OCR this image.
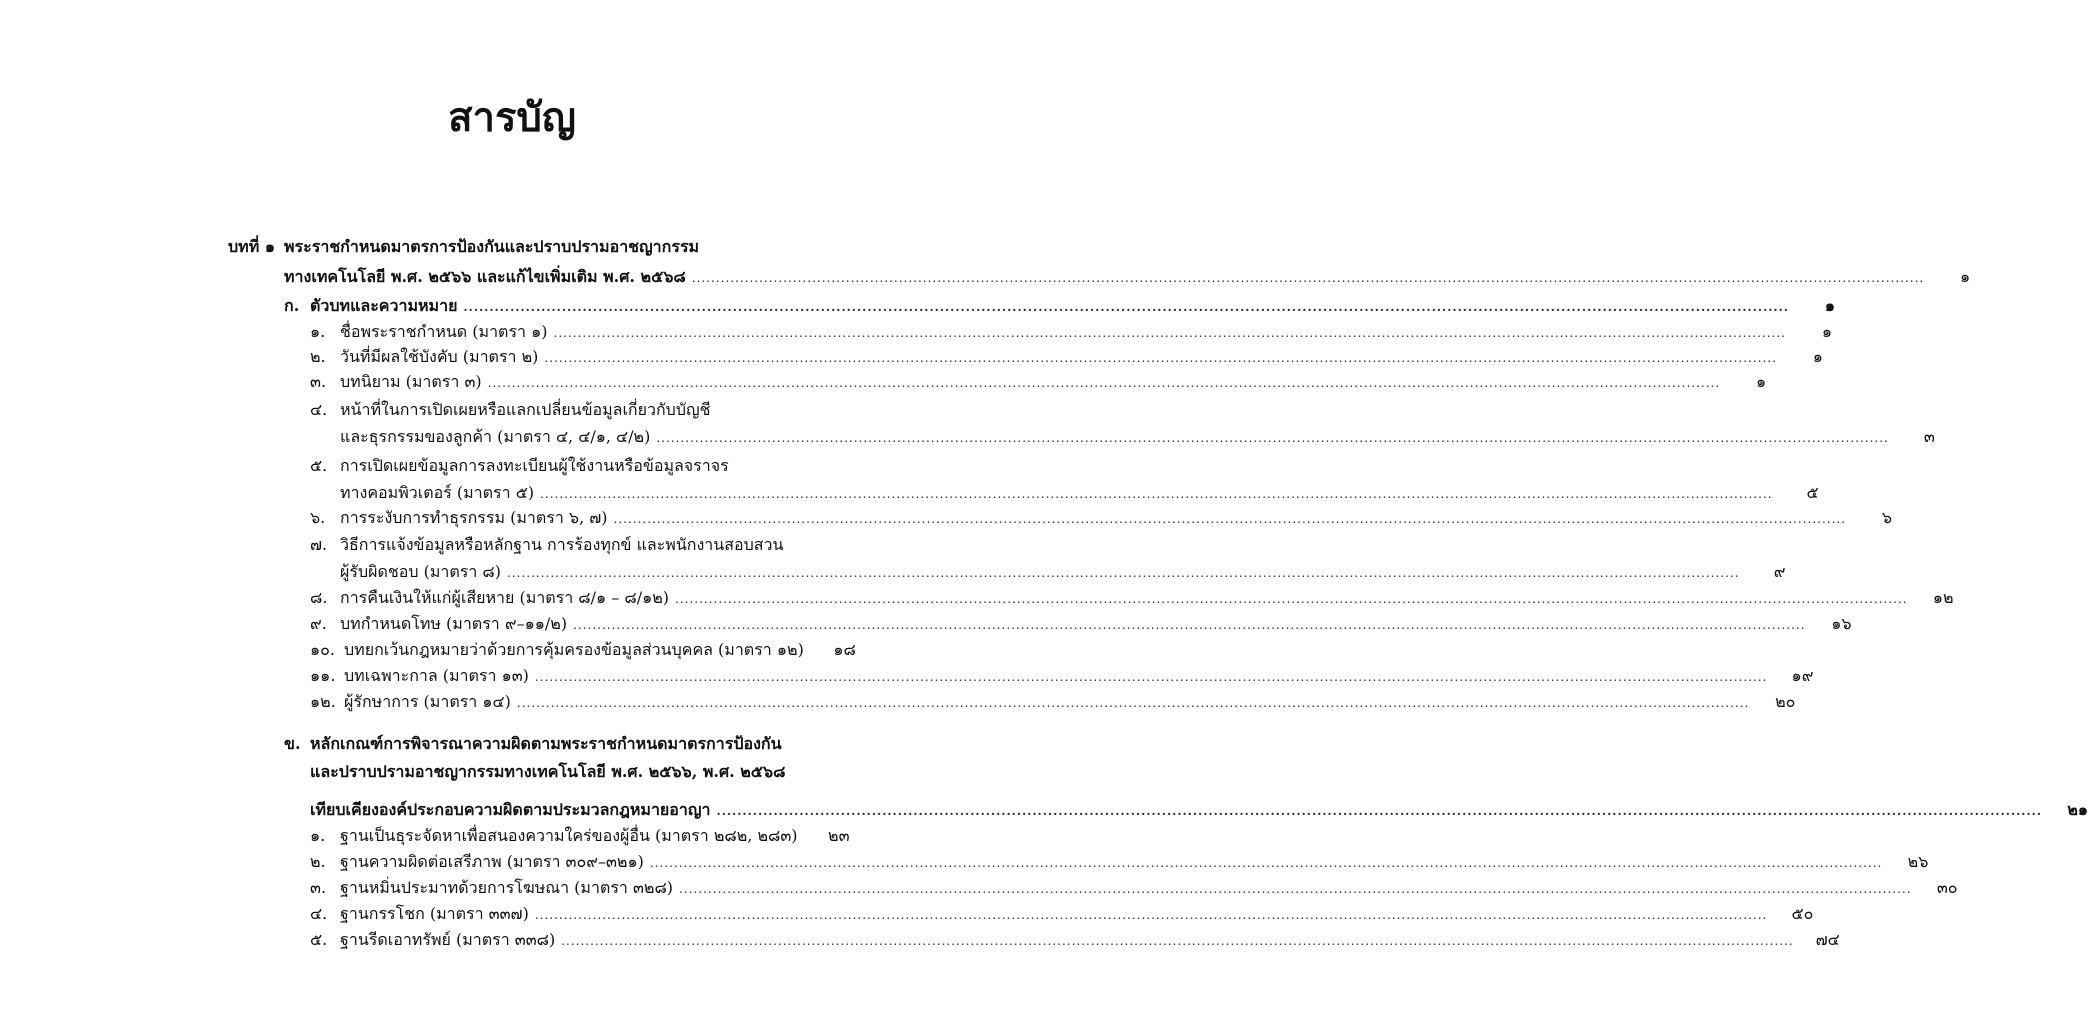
สารบัญ
บทที่ ๑ พระราชกำหนดมาตรการป้องกันและปราบปรามอาชญากรรม
ทางเทคโนโลยี พ.ศ. ๒๕๖๖ และแก้ไขเพิ่มเติม พ.ศ. ๒๕๖๘ .....	๑
ก. ตัวบทและความหมาย .....	๑
๑. ชื่อพระราชกำหนด (มาตรา ๑) .....	๑
๒. วันที่มีผลใช้บังคับ (มาตรา ๒) .....	๑
๓. บทนิยาม (มาตรา ๓) .....	๑
๔. หน้าที่ในการเปิดเผยหรือแลกเปลี่ยนข้อมูลเกี่ยวกับบัญชี
และธุรกรรมของลูกค้า (มาตรา ๔, ๔/๑, ๔/๒) .....	๓
๕. การเปิดเผยข้อมูลการลงทะเบียนผู้ใช้งานหรือข้อมูลจราจร
ทางคอมพิวเตอร์ (มาตรา ๕) .....	๕
๖. การระงับการทำธุรกรรม (มาตรา ๖, ๗) .....	๖
๗. วิธีการแจ้งข้อมูลหรือหลักฐาน การร้องทุกข์ และพนักงานสอบสวน
ผู้รับผิดชอบ (มาตรา ๘) .....	๙
๘. การคืนเงินให้แก่ผู้เสียหาย (มาตรา ๘/๑ – ๘/๑๒) .....	๑๒
๙. บทกำหนดโทษ (มาตรา ๙–๑๑/๒) .....	๑๖
๑๐. บทยกเว้นกฎหมายว่าด้วยการคุ้มครองข้อมูลส่วนบุคคล (มาตรา ๑๒)	๑๘
๑๑. บทเฉพาะกาล (มาตรา ๑๓) .....	๑๙
๑๒. ผู้รักษาการ (มาตรา ๑๔) .....	๒๐
ข. หลักเกณฑ์การพิจารณาความผิดตามพระราชกำหนดมาตรการป้องกัน
และปราบปรามอาชญากรรมทางเทคโนโลยี พ.ศ. ๒๕๖๖, พ.ศ. ๒๕๖๘
เทียบเคียงองค์ประกอบความผิดตามประมวลกฎหมายอาญา .....	๒๑
๑. ฐานเป็นธุระจัดหาเพื่อสนองความใคร่ของผู้อื่น (มาตรา ๒๘๒, ๒๘๓)	๒๓
๒. ฐานความผิดต่อเสรีภาพ (มาตรา ๓๐๙–๓๒๑) .....	๒๖
๓. ฐานหมิ่นประมาทด้วยการโฆษณา (มาตรา ๓๒๘) .....	๓๐
๔. ฐานกรรโชก (มาตรา ๓๓๗) .....	๕๐
๕. ฐานรีดเอาทรัพย์ (มาตรา ๓๓๘) .....	๗๔
